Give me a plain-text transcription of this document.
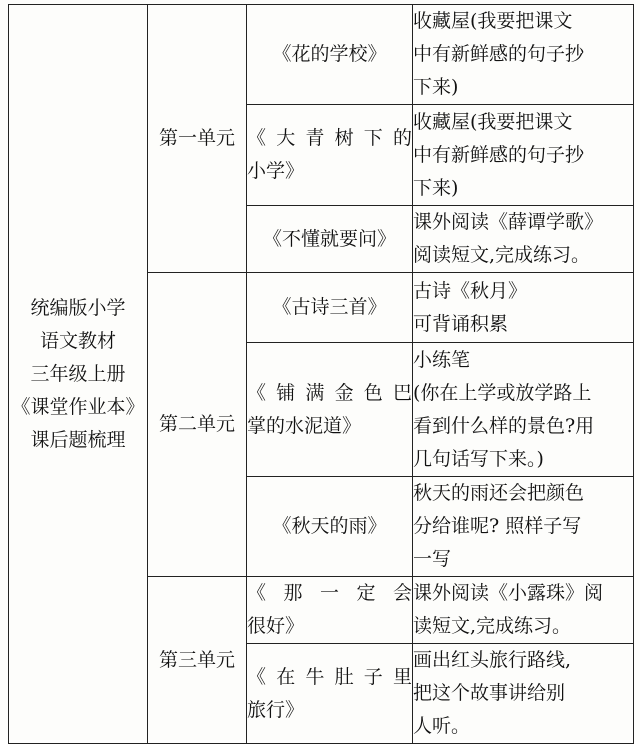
统编版小学
语文教材
三年级上册
《课堂作业本》
课后题梳理	第一单元	《花的学校》	收藏屋(我要把课文
中有新鲜感的句子抄
下来)

		《大青树下的
小学》	收藏屋(我要把课文
中有新鲜感的句子抄
下来)

		《不懂就要问》	课外阅读《薛谭学歌》
阅读短文,完成练习。

	第二单元	《古诗三首》	古诗《秋月》
可背诵积累

		《铺满金色巴
掌的水泥道》	小练笔
(你在上学或放学路上
看到什么样的景色?用
几句话写下来。)

		《秋天的雨》	秋天的雨还会把颜色
分给谁呢? 照样子写
一写

	第三单元	《那一定会
很好》	课外阅读《小露珠》阅
读短文,完成练习。

		《在牛肚子里
旅行》	画出红头旅行路线,
把这个故事讲给别
人听。
